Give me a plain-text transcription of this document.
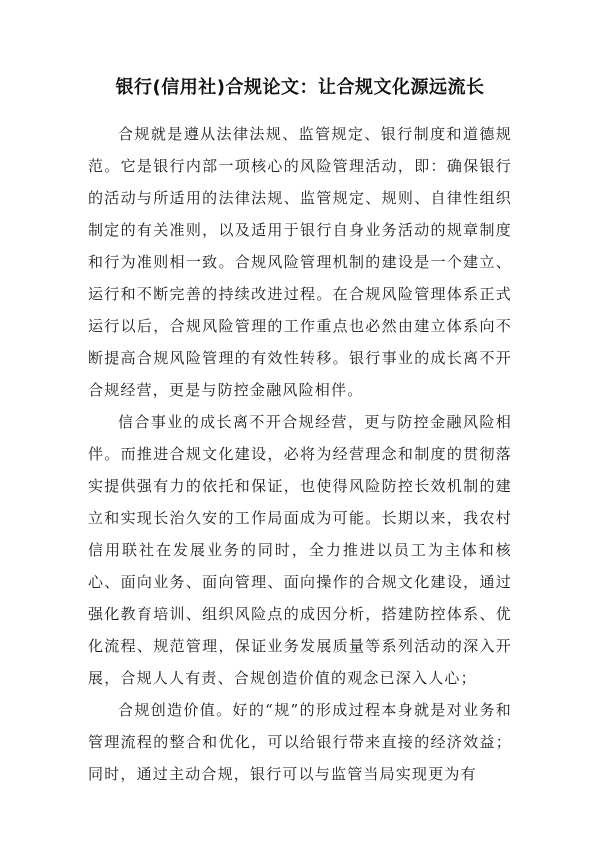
银行(信用社)合规论文：让合规文化源远流长

合规就是遵从法律法规、监管规定、银行制度和道德规范。它是银行内部一项核心的风险管理活动，即：确保银行的活动与所适用的法律法规、监管规定、规则、自律性组织制定的有关准则，以及适用于银行自身业务活动的规章制度和行为准则相一致。合规风险管理机制的建设是一个建立、运行和不断完善的持续改进过程。在合规风险管理体系正式运行以后，合规风险管理的工作重点也必然由建立体系向不断提高合规风险管理的有效性转移。银行事业的成长离不开合规经营，更是与防控金融风险相伴。

信合事业的成长离不开合规经营，更与防控金融风险相伴。而推进合规文化建设，必将为经营理念和制度的贯彻落实提供强有力的依托和保证，也使得风险防控长效机制的建立和实现长治久安的工作局面成为可能。长期以来，我农村信用联社在发展业务的同时，全力推进以员工为主体和核心、面向业务、面向管理、面向操作的合规文化建设，通过强化教育培训、组织风险点的成因分析，搭建防控体系、优化流程、规范管理，保证业务发展质量等系列活动的深入开展，合规人人有责、合规创造价值的观念已深入人心；

合规创造价值。好的“规”的形成过程本身就是对业务和管理流程的整合和优化，可以给银行带来直接的经济效益；同时，通过主动合规，银行可以与监管当局实现更为有
